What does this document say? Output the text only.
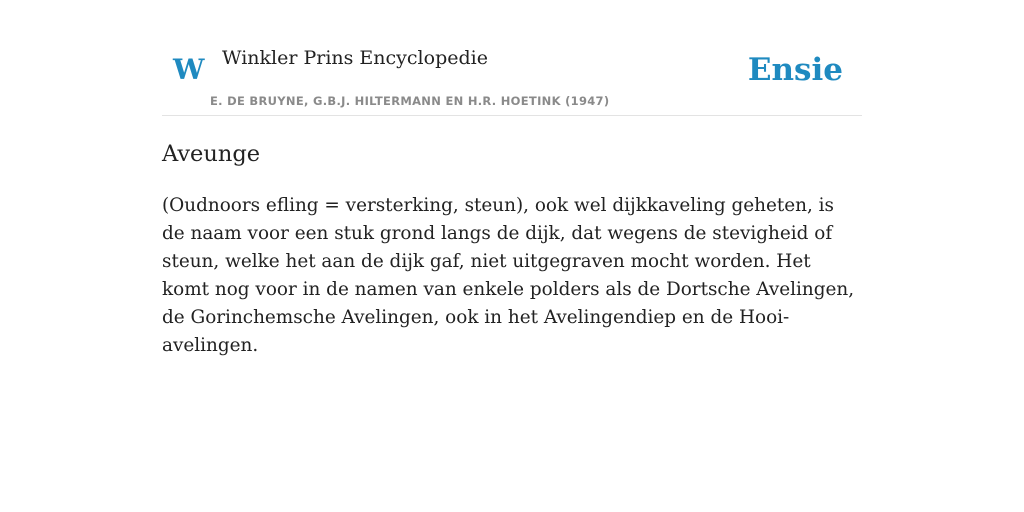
W Winkler Prins Encyclopedie
E. DE BRUYNE, G.B.J. HILTERMANN EN H.R. HOETINK (1947)
Ensie
Aveunge

(Oudnoors efling = versterking, steun), ook wel dijkkaveling geheten, is de naam voor een stuk grond langs de dijk, dat wegens de stevigheid of steun, welke het aan de dijk gaf, niet uitgegraven mocht worden. Het komt nog voor in de namen van enkele polders als de Dortsche Avelingen, de Gorinchemsche Avelingen, ook in het Avelingendiep en de Hooi-avelingen.
